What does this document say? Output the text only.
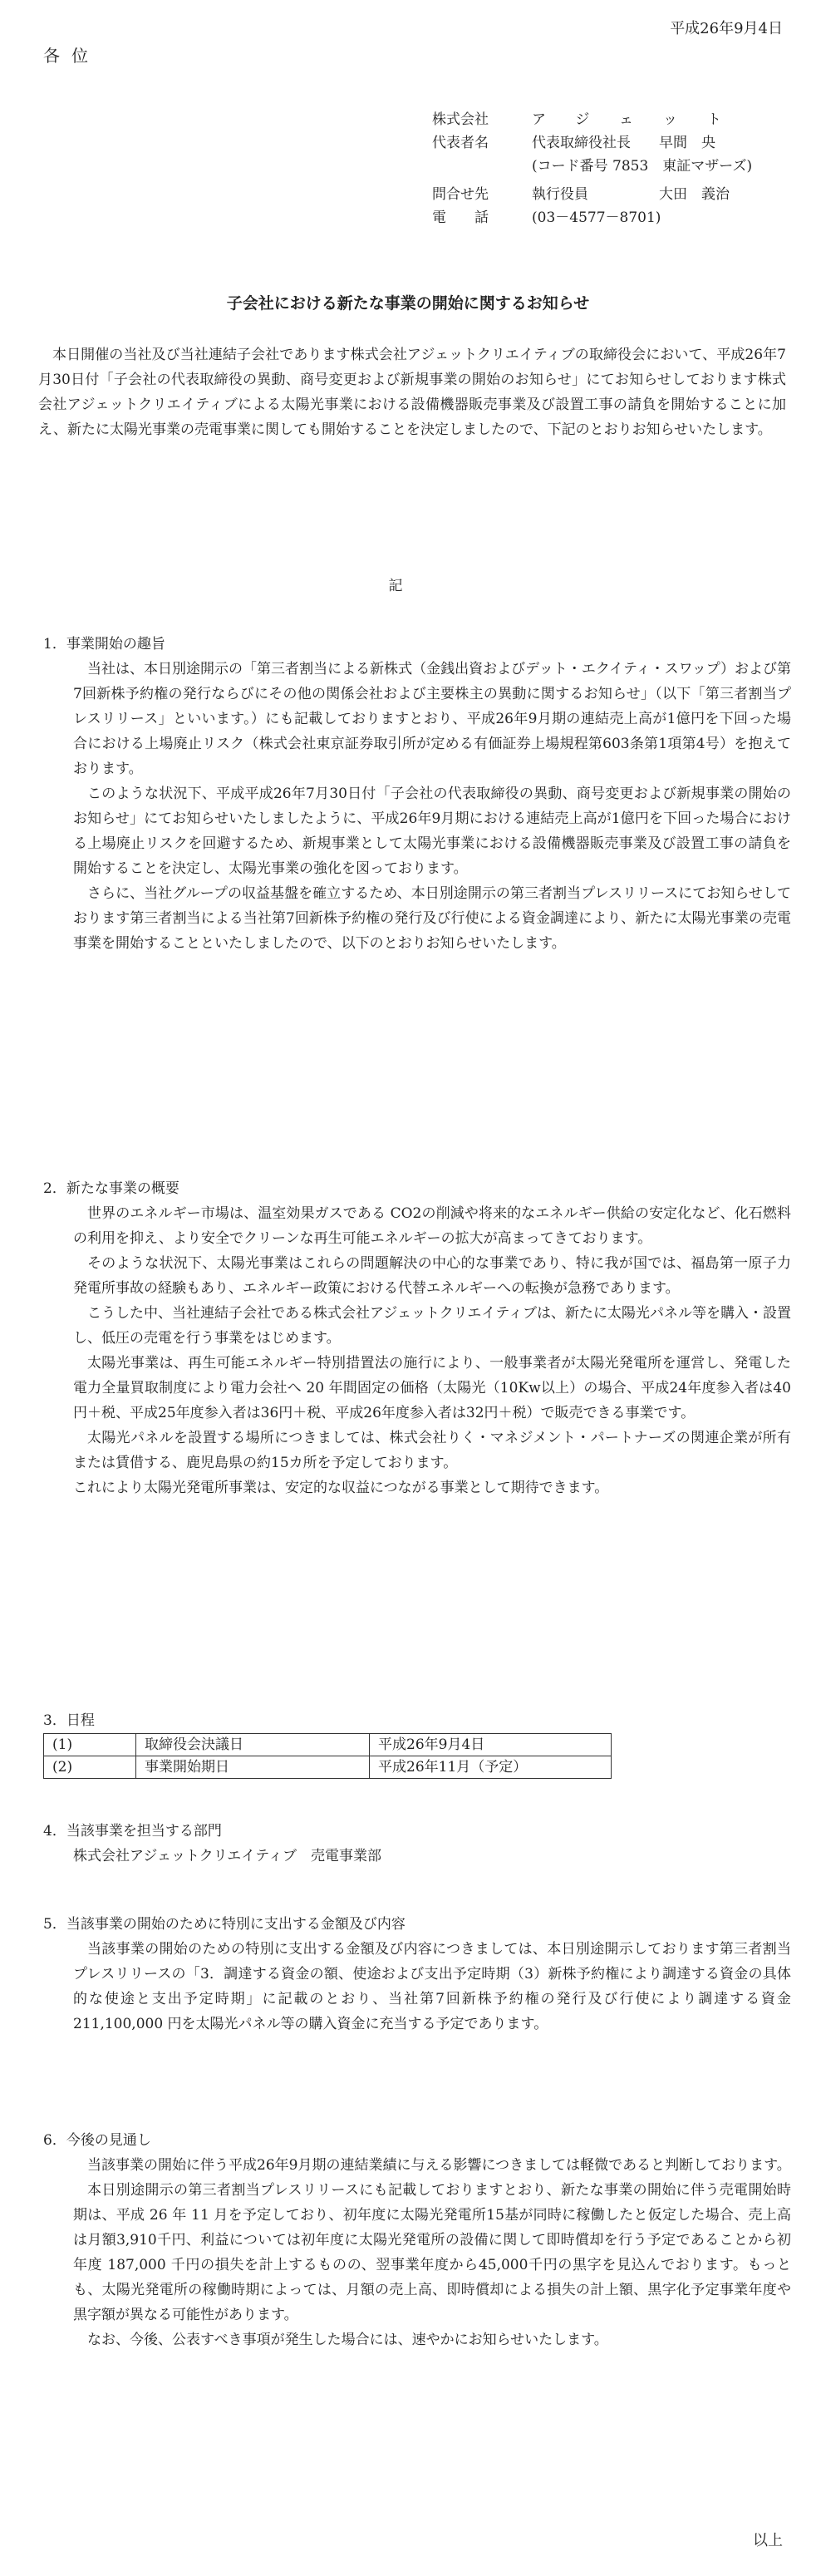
平成26年9月4日
各位
株式会社	アジェット
代表者名	代表取締役社長　　早間　央
(コード番号 7853　東証マザーズ)
問合せ先	執行役員　　　　　大田　義治
電　　話	(03－4577－8701)
子会社における新たな事業の開始に関するお知らせ
本日開催の当社及び当社連結子会社であります株式会社アジェットクリエイティブの取締役会において、平成26年7月30日付「子会社の代表取締役の異動、商号変更および新規事業の開始のお知らせ」にてお知らせしております株式会社アジェットクリエイティブによる太陽光事業における設備機器販売事業及び設置工事の請負を開始することに加え、新たに太陽光事業の売電事業に関しても開始することを決定しましたので、下記のとおりお知らせいたします。
記

1．事業開始の趣旨

当社は、本日別途開示の「第三者割当による新株式（金銭出資およびデット・エクイティ・スワップ）および第7回新株予約権の発行ならびにその他の関係会社および主要株主の異動に関するお知らせ」（以下「第三者割当プレスリリース」といいます。）にも記載しておりますとおり、平成26年9月期の連結売上高が1億円を下回った場合における上場廃止リスク（株式会社東京証券取引所が定める有価証券上場規程第603条第1項第4号）を抱えております。

このような状況下、平成平成26年7月30日付「子会社の代表取締役の異動、商号変更および新規事業の開始のお知らせ」にてお知らせいたしましたように、平成26年9月期における連結売上高が1億円を下回った場合における上場廃止リスクを回避するため、新規事業として太陽光事業における設備機器販売事業及び設置工事の請負を開始することを決定し、太陽光事業の強化を図っております。

さらに、当社グループの収益基盤を確立するため、本日別途開示の第三者割当プレスリリースにてお知らせしております第三者割当による当社第7回新株予約権の発行及び行使による資金調達により、新たに太陽光事業の売電事業を開始することといたしましたので、以下のとおりお知らせいたします。

2．新たな事業の概要

世界のエネルギー市場は、温室効果ガスである CO2の削減や将来的なエネルギー供給の安定化など、化石燃料の利用を抑え、より安全でクリーンな再生可能エネルギーの拡大が高まってきております。

そのような状況下、太陽光事業はこれらの問題解決の中心的な事業であり、特に我が国では、福島第一原子力発電所事故の経験もあり、エネルギー政策における代替エネルギーへの転換が急務であります。

こうした中、当社連結子会社である株式会社アジェットクリエイティブは、新たに太陽光パネル等を購入・設置し、低圧の売電を行う事業をはじめます。

太陽光事業は、再生可能エネルギー特別措置法の施行により、一般事業者が太陽光発電所を運営し、発電した電力全量買取制度により電力会社へ 20 年間固定の価格（太陽光（10Kw以上）の場合、平成24年度参入者は40円＋税、平成25年度参入者は36円＋税、平成26年度参入者は32円＋税）で販売できる事業です。

太陽光パネルを設置する場所につきましては、株式会社りく・マネジメント・パートナーズの関連企業が所有または賃借する、鹿児島県の約15カ所を予定しております。

これにより太陽光発電所事業は、安定的な収益につながる事業として期待できます。

3．日程

(1)	取締役会決議日	平成26年9月4日
(2)	事業開始期日	平成26年11月（予定）

4．当該事業を担当する部門

株式会社アジェットクリエイティブ　売電事業部

5．当該事業の開始のために特別に支出する金額及び内容

当該事業の開始のための特別に支出する金額及び内容につきましては、本日別途開示しております第三者割当プレスリリースの「3．調達する資金の額、使途および支出予定時期（3）新株予約権により調達する資金の具体的な使途と支出予定時期」に記載のとおり、当社第7回新株予約権の発行及び行使により調達する資金 211,100,000 円を太陽光パネル等の購入資金に充当する予定であります。

6．今後の見通し

当該事業の開始に伴う平成26年9月期の連結業績に与える影響につきましては軽微であると判断しております。

本日別途開示の第三者割当プレスリリースにも記載しておりますとおり、新たな事業の開始に伴う売電開始時期は、平成 26 年 11 月を予定しており、初年度に太陽光発電所15基が同時に稼働したと仮定した場合、売上高は月額3,910千円、利益については初年度に太陽光発電所の設備に関して即時償却を行う予定であることから初年度 187,000 千円の損失を計上するものの、翌事業年度から45,000千円の黒字を見込んでおります。もっとも、太陽光発電所の稼働時期によっては、月額の売上高、即時償却による損失の計上額、黒字化予定事業年度や黒字額が異なる可能性があります。

なお、今後、公表すべき事項が発生した場合には、速やかにお知らせいたします。

以上
